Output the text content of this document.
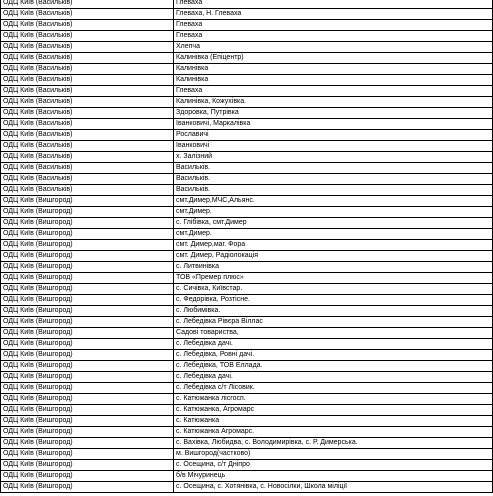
ОДЦ Київ (Васильків)	Глеваха
ОДЦ Київ (Васильків)	Глеваха, Н. Глеваха
ОДЦ Київ (Васильків)	Глеваха
ОДЦ Київ (Васильків)	Глеваха
ОДЦ Київ (Васильків)	Хлепча
ОДЦ Київ (Васильків)	Калинівка (Епіцентр)
ОДЦ Київ (Васильків)	Калинівка
ОДЦ Київ (Васильків)	Калинівка
ОДЦ Київ (Васильків)	Глеваха
ОДЦ Київ (Васильків)	Калинівка, Кожухівка.
ОДЦ Київ (Васильків)	Здоровка, Путрівка
ОДЦ Київ (Васильків)	Іванковичі, Маркалівка
ОДЦ Київ (Васильків)	Рославичі
ОДЦ Київ (Васильків)	Іванковичі
ОДЦ Київ (Васильків)	х. Залізний
ОДЦ Київ (Васильків)	Васильків.
ОДЦ Київ (Васильків)	Васильків.
ОДЦ Київ (Васильків)	Васильків.
ОДЦ Київ (Вишгород)	смт.Димер,МЧС,Альянс.
ОДЦ Київ (Вишгород)	смт.Димер.
ОДЦ Київ (Вишгород)	с. Глібівка, смт.Димер
ОДЦ Київ (Вишгород)	смт.Димер.
ОДЦ Київ (Вишгород)	смт. Димер,маг. Фора
ОДЦ Київ (Вишгород)	смт. Димер, Радіолокація
ОДЦ Київ (Вишгород)	с. Литвинівка
ОДЦ Київ (Вишгород)	ТОВ «Премер плюс»
ОДЦ Київ (Вишгород)	с. Сичівка, Київстар.
ОДЦ Київ (Вишгород)	с. Федорівка, Розтісне.
ОДЦ Київ (Вишгород)	с. Любимівка.
ОДЦ Київ (Вишгород)	с. Лебедівка Рівєра Віллас
ОДЦ Київ (Вишгород)	Садові товариства,
ОДЦ Київ (Вишгород)	с. Лебедівка дачі.
ОДЦ Київ (Вишгород)	с. Лебедівка, Ровні дачі.
ОДЦ Київ (Вишгород)	с. Лебедівка, ТОВ Еллада.
ОДЦ Київ (Вишгород)	с. Лебедівка дачі.
ОДЦ Київ (Вишгород)	с. Лебедівка с/т Лісовик.
ОДЦ Київ (Вишгород)	с. Катюжанка лісгосп.
ОДЦ Київ (Вишгород)	с. Катюжанка, Агромарс
ОДЦ Київ (Вишгород)	с. Катюжанка
ОДЦ Київ (Вишгород)	с. Катюжанка Агромарс.
ОДЦ Київ (Вишгород)	с. Вахівка, Любидва, с. Володимирівка, с. Р. Димерська.
ОДЦ Київ (Вишгород)	м. Вишгород(частково)
ОДЦ Київ (Вишгород)	с. Осещина, с/т Дніпро
ОДЦ Київ (Вишгород)	б/в Мічуринець
ОДЦ Київ (Вишгород)	с. Осещина, с. Хотянівка, с. Новосілки, Школа міліції
